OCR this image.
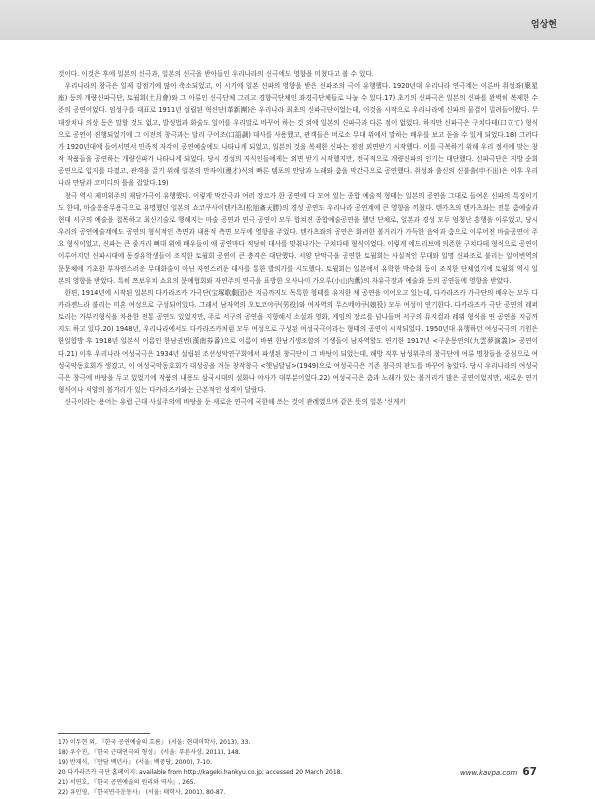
엄상현

것이다. 이것은 후에 일본의 신극과, 일본의 신극을 받아들인 우리나라의 신극에도 영향을 미쳤다고 볼 수 있다.

우리나라의 창극은 일제 강점기에 많이 축소되었고, 이 시기에 일본 신파의 영향을 받은 신파조의 극이 유행했다. 1920년대 우리나라 연극계는 이른바 취성좌(聚星座) 등의 개량신파극단, 토월회(土月會)와 그 아류인 신극단체 그리고 경향극단체인 좌경극단체들로 나눌 수 있다.17) 초기의 신파극은 일본의 신파를 완벽히 복제한 수준의 공연이었다. 임성구를 대표로 1911년 설립된 혁신단(革新團)은 우리나라 최초의 신파극단이었는데, 이것을 시작으로 우리나라에 신파의 물결이 밀려들어왔다. 무대장치나 의상 등은 말할 것도 없고, 발성법과 화술도 일어를 우리말로 바꾸어 하는 것 외에 일본의 신파극과 다른 점이 없었다. 하지만 신파극은 구치다테(口立て) 형식으로 공연이 진행되었기에 그 이전의 창극과는 달리 구어조(口語調) 대사를 사용했고, 관객들은 비로소 무대 위에서 말하는 배우를 보고 듣을 수 있게 되었다.18) 그러다가 1920년대에 들어서면서 민족적 자각이 공연예술에도 나타나게 되었고, 일본의 것을 복제한 신파는 점점 외면받기 시작했다. 이를 극복하기 위해 우리 정서에 맞는 창작 작품들을 공연하는 개량신파가 나타나게 되었다. 당시 경성의 지식인들에게는 외면 받기 시작했지만, 전국적으로 개량신파의 인기는 대단했다. 신파극단은 지방 순회공연으로 입지를 다졌고, 관객을 끌기 위해 일본의 만자이(漫才)식의 빠른 템포의 만담과 노래와 춤을 막간극으로 공연했다. 취성좌 출신의 신불출(申不出)은 이후 우리나라 만담과 코미디의 틀을 잡았다.19)

창극 역시 제미위주의 재담가극이 유행했다. 이렇게 막간극과 여러 장르가 한 공연에 다 모여 있는 종합 예술적 형태는 일본의 공연을 그대로 들여온 신파의 특징이기도 한데, 마술응용무용극으로 유명했던 일본의 쇼코쿠사이텐카츠(松旭斎天勝)의 경성 공연도 우리나라 공연계에 큰 영향을 끼쳤다. 텐카츠의 텐카츠좌는 전통 춤예술과 현대 서구의 예술을 접목하고 최신기술로 행해지는 마술 공연과 연극 공연이 모두 합쳐진 종합예술공연을 했던 단체로, 일본과 경성 모두 엄청난 흥행을 이루었고, 당시 우리의 공연예술계에도 공연의 형식적인 측면과 내용적 측면 모두에 영향을 주었다. 텐카츠좌의 공연은 화려한 볼거리가 가득한 음악과 춤으로 이루어진 마술공연이 주요 형식이었고, 신파는 큰 줄거리 뼈대 위에 배우들이 애 공연마다 적당히 대사를 맞춰나가는 구치다테 형식이었다. 이렇게 에드리브에 의존한 구치다테 형식으로 공연이 이루어지던 신파시대에 동경유학생들이 조직한 토월회 공연이 큰 충격은 대단했다. 서양 단막극을 공연한 토월회는 사실적인 무대와 일명 신파조로 불리는 일어번역의 문문체에 기초한 부자연스러운 무대화술이 아닌 자연스러운 대사를 통한 발의가를 시도했다. 토월회는 일본에서 유학한 박승희 등이 조직한 단체였기에 토월회 역시 일본의 영향을 받았다. 특히 쯔보우치 쇼요의 문예협회와 자연주의 연극을 표방한 오사나이 가오루(小山内薫)의 자유극장과 예술좌 등의 공연들에 영향을 받았다.

한편, 1914년에 시작된 일본의 다카라즈카 가극단(宝塚歌劇団)은 지금까지도 독특한 형태를 유지한 채 공연을 이어오고 있는데, 다카라즈카 가극단의 배우는 모두 다카라젠느라 불리는 미혼 여성으로 구성되어있다. 그래서 남자역의 오토코야쿠(男役)와 여자역의 무스메야쿠(娘役) 모두 여성이 연기한다. 다카라즈카 극단 공연의 레퍼토리는 가부키형식을 차용한 전통 공연도 있었지만, 주로 서구의 공연을 지향해서 소설과 영화, 게임의 장르를 넘나들며 서구의 뮤지컬과 레뷔 형식을 띤 공연을 지금까지도 하고 있다.20) 1948년, 우리나라에서도 다카라즈카처럼 모두 여성으로 구성된 여성국극이라는 형태의 공연이 시작되었다. 1950년대 유행하던 여성국극의 기원은 한일합방 후 1918년 일본식 이름인 한남권번(漢南券番)으로 이름이 바뀐 한남기생조합의 기생들이 남자역할도 연기한 1917년 <구운몽연의(九雲夢演義)> 공연이다.21) 이후 우리나라 여성국극은 1934년 설립된 조선성악연구회에서 파생된 창극단이 그 바탕이 되었는데, 해방 직후 남성위주의 창극단에 여류 명창들을 중심으로 여성국악동호회가 생겼고, 이 여성국악동호회가 대성공을 거둔 창작창극 <햇님달님>(1949)으로 여성국극은 기존 창극의 판도를 바꾸어 놓았다. 당시 우리나라의 여성국극은 창극에 바탕을 두고 있었기에 작품의 내용도 삼국시대의 설화나 야사가 대부분이었다.22) 여성국극은 춤과 노래가 있는 볼거리가 많은 공연이었지만, 새로운 연기 형식이나 서양의 볼거리가 있는 다카라즈카와는 근본적인 성격이 달랐다.

신극이라는 용어는 유럽 근대 사실주의에 바탕을 둔 새로운 연극에 국한해 쓰는 것이 관례였으며 같은 뜻의 일본 '신게키

17) 이두현 외, 『한국 공연예술의 흐름』 (서울: 현대미학사, 2013), 33.
18) 우수진, 『한국 근대연극의 형성』 (서울: 푸른사상, 2011), 148.
19) 반재식, 『만담 백년사』 (서울: 백중당, 2000), 7-10.
20 다카라즈카 극단 홈페이지: available from http://kageki.hankyu.co.jp; accessed 20 March 2018.
21) 서연호, 『한국 공연예술의 원리와 역사』, 265.
22) 유민영, 『한국연극운동사』 (서울: 태학사, 2001), 80-87.
www.kavpa.com 67
